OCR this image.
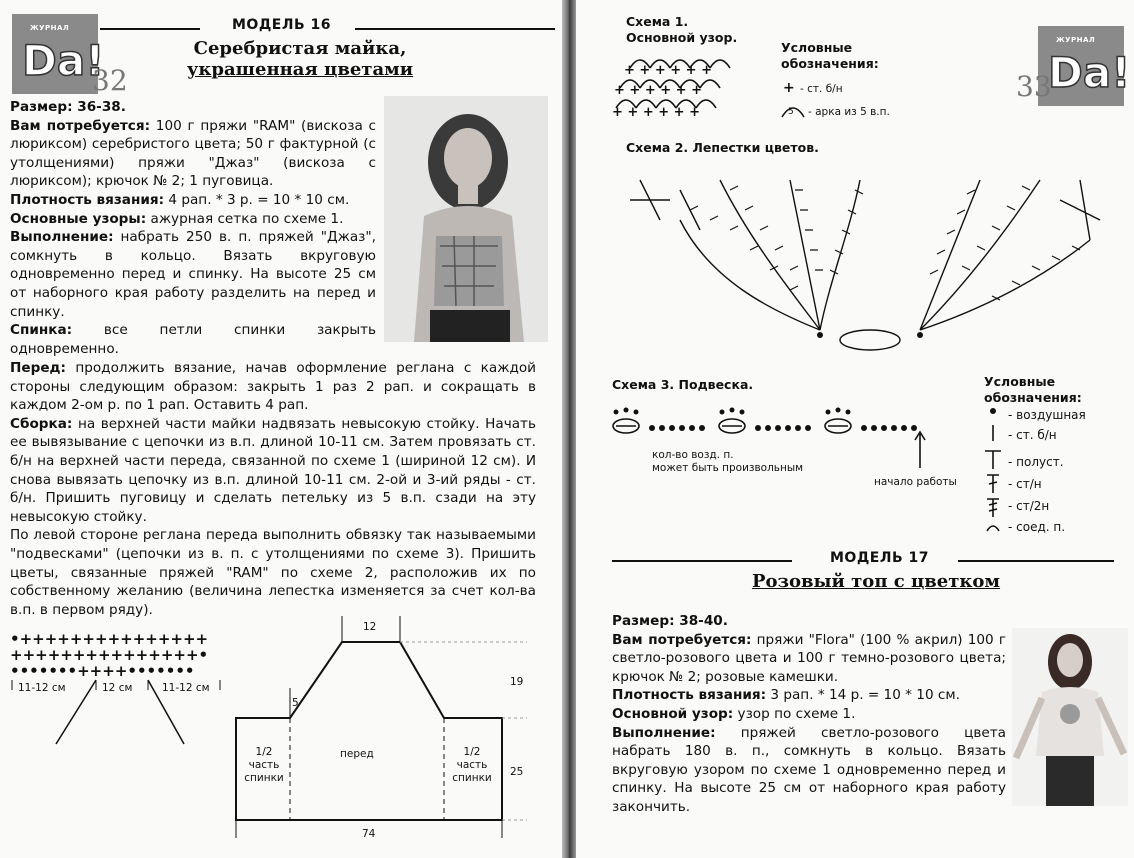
ЖУРНАЛ
Da!
32
МОДЕЛЬ 16
Серебристая майка,
украшенная цветами

Размер: 36-38.

Вам потребуется: 100 г пряжи "RAM" (вискоза с люриксом) серебристого цвета; 50 г фактурной (с утолщениями) пряжи "Джаз" (вискоза с люриксом); крючок № 2; 1 пуговица.

Плотность вязания: 4 рап. * 3 р. = 10 * 10 см.

Основные узоры: ажурная сетка по схеме 1.

Выполнение: набрать 250 в. п. пряжей "Джаз", сомкнуть в кольцо. Вязать вкруговую одновременно перед и спинку. На высоте 25 см от наборного края работу разделить на перед и спинку.

Спинка: все петли спинки закрыть одновременно.

Перед: продолжить вязание, начав оформление реглана с каждой стороны следующим образом: закрыть 1 раз 2 рап. и сокращать в каждом 2-ом р. по 1 рап. Оставить 4 рап.

Сборка: на верхней части майки надвязать невысокую стойку. Начать ее вывязывание с цепочки из в.п. длиной 10-11 см. Затем провязать ст. б/н на верхней части переда, связанной по схеме 1 (шириной 12 см). И снова вывязать цепочку из в.п. длиной 10-11 см. 2-ой и 3-ий ряды - ст. б/н. Пришить пуговицу и сделать петельку из 5 в.п. сзади на эту невысокую стойку.

По левой стороне реглана переда выполнить обвязку так называемыми "подвесками" (цепочки из в. п. с утолщениями по схеме 3). Пришить цветы, связанные пряжей "RAM" по схеме 2, расположив их по собственному желанию (величина лепестка изменяется за счет кол-ва в.п. в первом ряду).

•+++++++++++++++
+++++++++++++++•
•••••••++++•••••••
11-12 см	12 см	11-12 см
12
19
5
25
74
перед
1/2
часть
спинки
1/2
часть
спинки
ЖУРНАЛ
Da!
33
Схема 1.
Основной узор.
+ + + + + +
+ + + + + +
+ + + + + +
Условные
обозначения:
+ - ст. б/н
5 - арка из 5 в.п.
Схема 2. Лепестки цветов.
Схема 3. Подвеска.
кол-во возд. п.
может быть произвольным
начало работы
Условные
обозначения:
- воздушная
- ст. б/н
- полуст.
- ст/н
- ст/2н
- соед. п.
МОДЕЛЬ 17
Розовый топ с цветком

Размер: 38-40.

Вам потребуется: пряжи "Flora" (100 % акрил) 100 г светло-розового цвета и 100 г темно-розового цвета; крючок № 2; розовые камешки.

Плотность вязания: 3 рап. * 14 р. = 10 * 10 см.

Основной узор: узор по схеме 1.

Выполнение: пряжей светло-розового цвета набрать 180 в. п., сомкнуть в кольцо. Вязать вкруговую узором по схеме 1 одновременно перед и спинку. На высоте 25 см от наборного края работу закончить.
